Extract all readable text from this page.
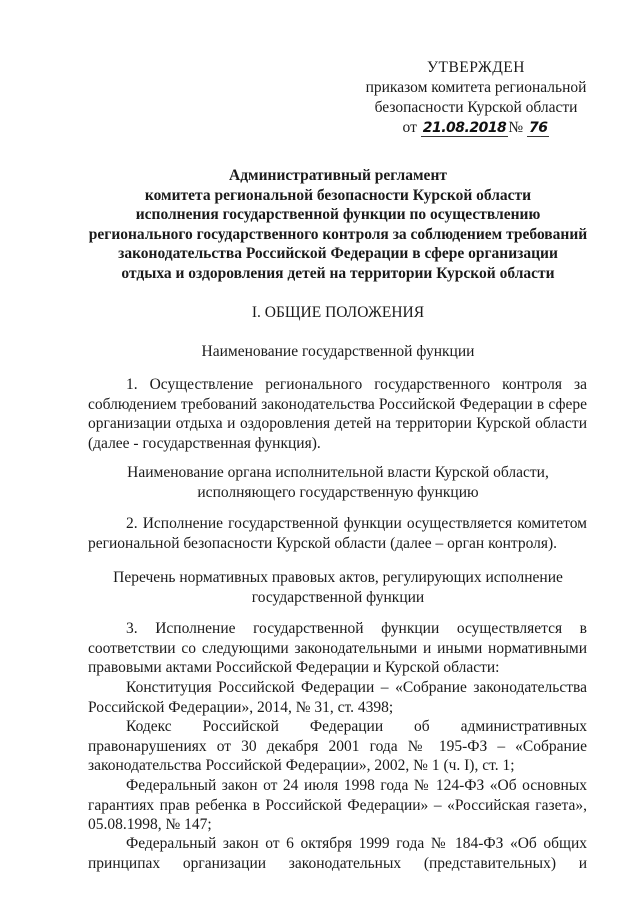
УТВЕРЖДЕН
приказом комитета региональной
безопасности Курской области
от 21.08.2018 № 76
Административный регламент
комитета региональной безопасности Курской области
исполнения государственной функции по осуществлению
регионального государственного контроля за соблюдением требований
законодательства Российской Федерации в сфере организации
отдыха и оздоровления детей на территории Курской области
I. ОБЩИЕ ПОЛОЖЕНИЯ
Наименование государственной функции
1. Осуществление регионального государственного контроля за
соблюдением требований законодательства Российской Федерации в сфере
организации отдыха и оздоровления детей на территории Курской области
(далее - государственная функция).
Наименование органа исполнительной власти Курской области,
исполняющего государственную функцию
2. Исполнение государственной функции осуществляется комитетом
региональной безопасности Курской области (далее – орган контроля).
Перечень нормативных правовых актов, регулирующих исполнение
государственной функции
3. Исполнение государственной функции осуществляется в
соответствии со следующими законодательными и иными нормативными
правовыми актами Российской Федерации и Курской области:
Конституция Российской Федерации – «Собрание законодательства
Российской Федерации», 2014, № 31, ст. 4398;
Кодекс Российской Федерации об административных
правонарушениях от 30 декабря 2001 года № 195-ФЗ – «Собрание
законодательства Российской Федерации», 2002, № 1 (ч. I), ст. 1;
Федеральный закон от 24 июля 1998 года № 124-ФЗ «Об основных
гарантиях прав ребенка в Российской Федерации» – «Российская газета»,
05.08.1998, № 147;
Федеральный закон от 6 октября 1999 года № 184-ФЗ «Об общих
принципах организации законодательных (представительных) и
